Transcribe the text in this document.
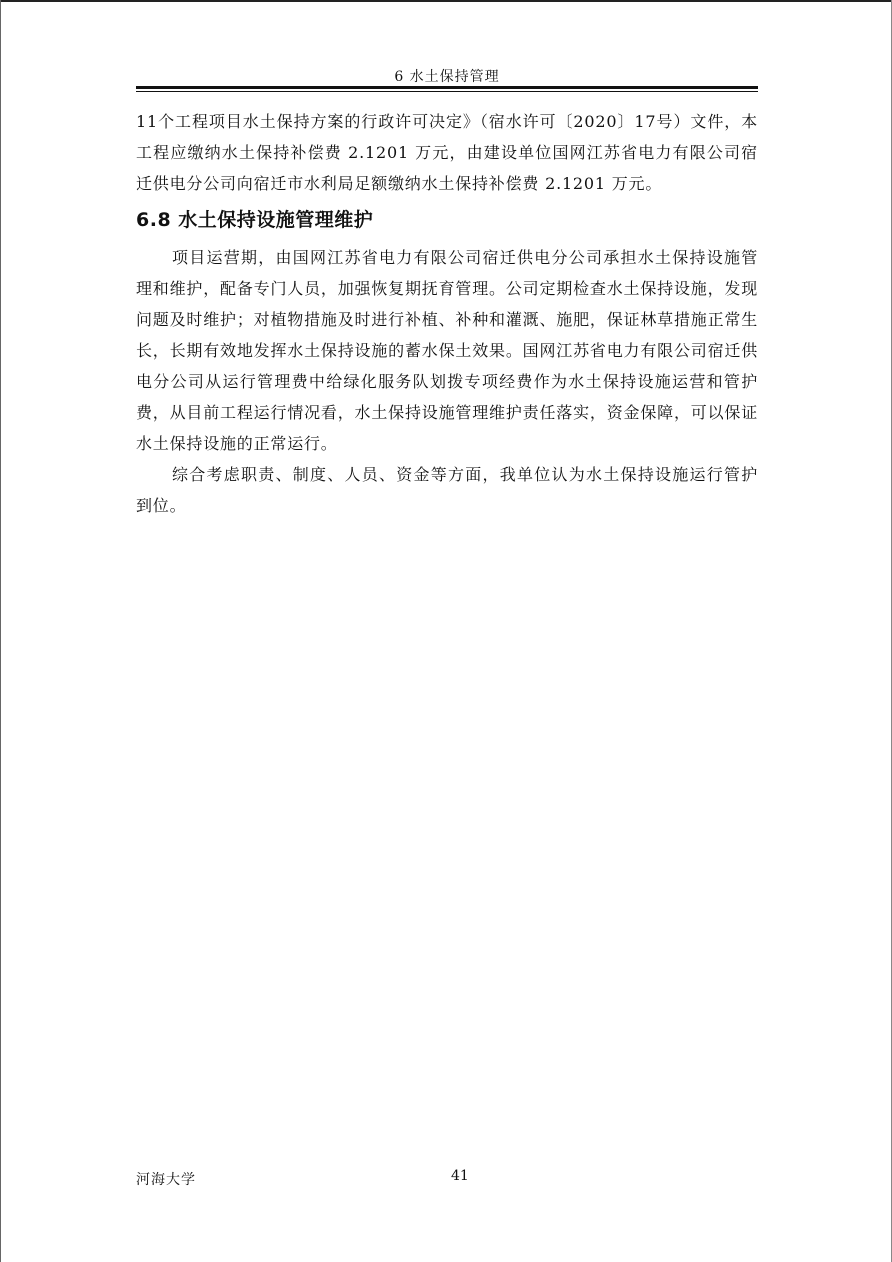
6 水土保持管理

11个工程项目水土保持方案的行政许可决定》（宿水许可〔2020〕17号）文件，本工程应缴纳水土保持补偿费 2.1201 万元，由建设单位国网江苏省电力有限公司宿迁供电分公司向宿迁市水利局足额缴纳水土保持补偿费 2.1201 万元。

6.8 水土保持设施管理维护

项目运营期，由国网江苏省电力有限公司宿迁供电分公司承担水土保持设施管理和维护，配备专门人员，加强恢复期抚育管理。公司定期检查水土保持设施，发现问题及时维护；对植物措施及时进行补植、补种和灌溉、施肥，保证林草措施正常生长，长期有效地发挥水土保持设施的蓄水保土效果。国网江苏省电力有限公司宿迁供电分公司从运行管理费中给绿化服务队划拨专项经费作为水土保持设施运营和管护费，从目前工程运行情况看，水土保持设施管理维护责任落实，资金保障，可以保证水土保持设施的正常运行。

综合考虑职责、制度、人员、资金等方面，我单位认为水土保持设施运行管护到位。

河海大学	41
